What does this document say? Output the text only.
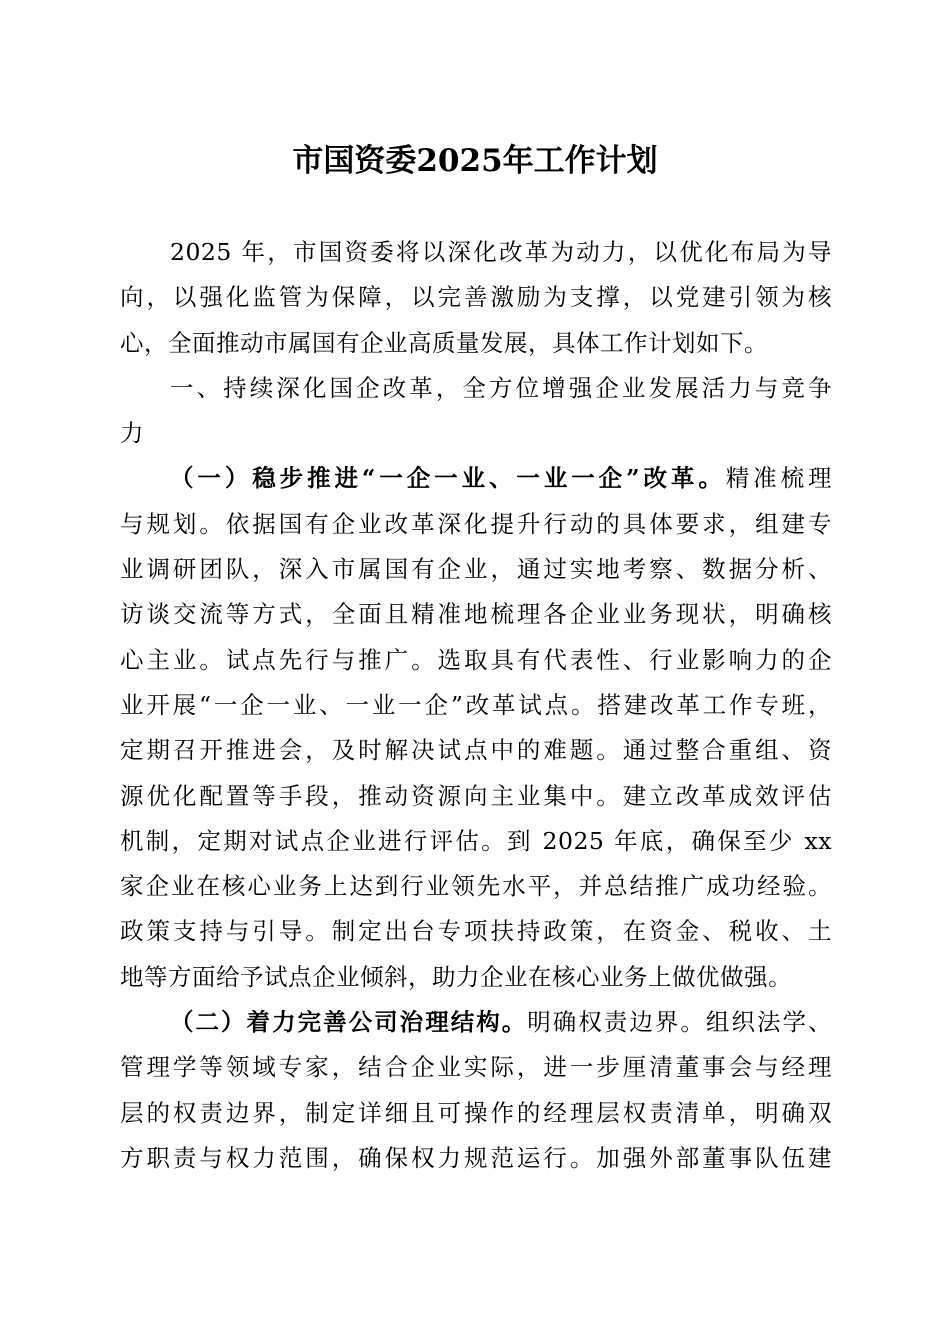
市国资委2025年工作计划
2025 年，市国资委将以深化改革为动力，以优化布局为导
向，以强化监管为保障，以完善激励为支撑，以党建引领为核
心，全面推动市属国有企业高质量发展，具体工作计划如下。
一、持续深化国企改革，全方位增强企业发展活力与竞争
力
（一）稳步推进“一企一业、一业一企”改革。精准梳理
与规划。依据国有企业改革深化提升行动的具体要求，组建专
业调研团队，深入市属国有企业，通过实地考察、数据分析、
访谈交流等方式，全面且精准地梳理各企业业务现状，明确核
心主业。试点先行与推广。选取具有代表性、行业影响力的企
业开展“一企一业、一业一企”改革试点。搭建改革工作专班，
定期召开推进会，及时解决试点中的难题。通过整合重组、资
源优化配置等手段，推动资源向主业集中。建立改革成效评估
机制，定期对试点企业进行评估。到 2025 年底，确保至少 xx
家企业在核心业务上达到行业领先水平，并总结推广成功经验。
政策支持与引导。制定出台专项扶持政策，在资金、税收、土
地等方面给予试点企业倾斜，助力企业在核心业务上做优做强。
（二）着力完善公司治理结构。明确权责边界。组织法学、
管理学等领域专家，结合企业实际，进一步厘清董事会与经理
层的权责边界，制定详细且可操作的经理层权责清单，明确双
方职责与权力范围，确保权力规范运行。加强外部董事队伍建
